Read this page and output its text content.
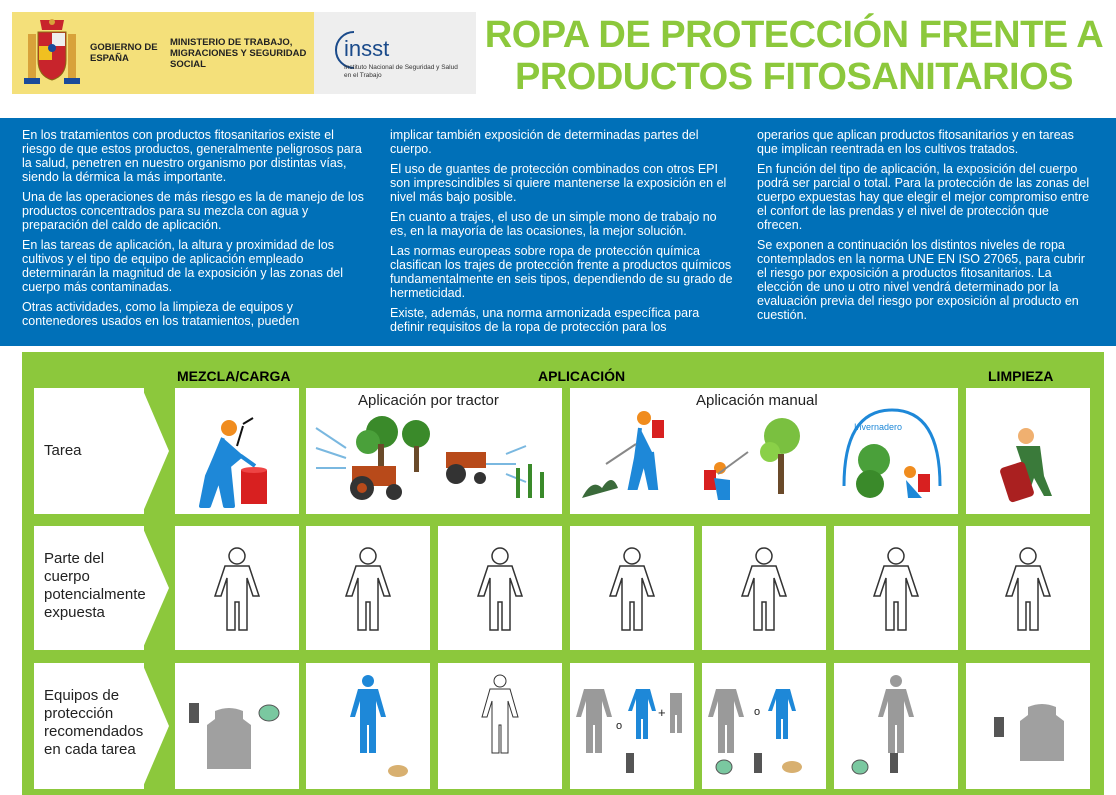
GOBIERNO DE ESPAÑA
MINISTERIO DE TRABAJO, MIGRACIONES Y SEGURIDAD SOCIAL
insst
Instituto Nacional de Seguridad y Salud en el Trabajo
ROPA DE PROTECCIÓN FRENTE A
PRODUCTOS FITOSANITARIOS

En los tratamientos con productos fitosanitarios existe el riesgo de que estos productos, generalmente peligrosos para la salud, penetren en nuestro organismo por distintas vías, siendo la dérmica la más importante.

Una de las operaciones de más riesgo es la de manejo de los productos concentrados para su mezcla con agua y preparación del caldo de aplicación.

En las tareas de aplicación, la altura y proximidad de los cultivos y el tipo de equipo de aplicación empleado determinarán la magnitud de la exposición y las zonas del cuerpo más contaminadas.

Otras actividades, como la limpieza de equipos y contenedores usados en los tratamientos, pueden

implicar también exposición de determinadas partes del cuerpo.

El uso de guantes de protección combinados con otros EPI son imprescindibles si quiere mantenerse la exposición en el nivel más bajo posible.

En cuanto a trajes, el uso de un simple mono de trabajo no es, en la mayoría de las ocasiones, la mejor solución.

Las normas europeas sobre ropa de protección química clasifican los trajes de protección frente a productos químicos fundamentalmente en seis tipos, dependiendo de su grado de hermeticidad.

Existe, además, una norma armonizada específica para definir requisitos de la ropa de protección para los

operarios que aplican productos fitosanitarios y en tareas que implican reentrada en los cultivos tratados.

En función del tipo de aplicación, la exposición del cuerpo podrá ser parcial o total. Para la protección de las zonas del cuerpo expuestas hay que elegir el mejor compromiso entre el confort de las prendas y el nivel de protección que ofrecen.

Se exponen a continuación los distintos niveles de ropa contemplados en la norma UNE EN ISO 27065, para cubrir el riesgo por exposición a productos fitosanitarios. La elección de uno u otro nivel vendrá determinado por la evaluación previa del riesgo por exposición al producto en cuestión.

MEZCLA/CARGA	APLICACIÓN	LIMPIEZA
Tarea
Parte del
cuerpo
potencialmente
expuesta
Equipos de
protección
recomendados
en cada tarea
Aplicación por tractor	Aplicación manual
Invernadero
o
+	o
